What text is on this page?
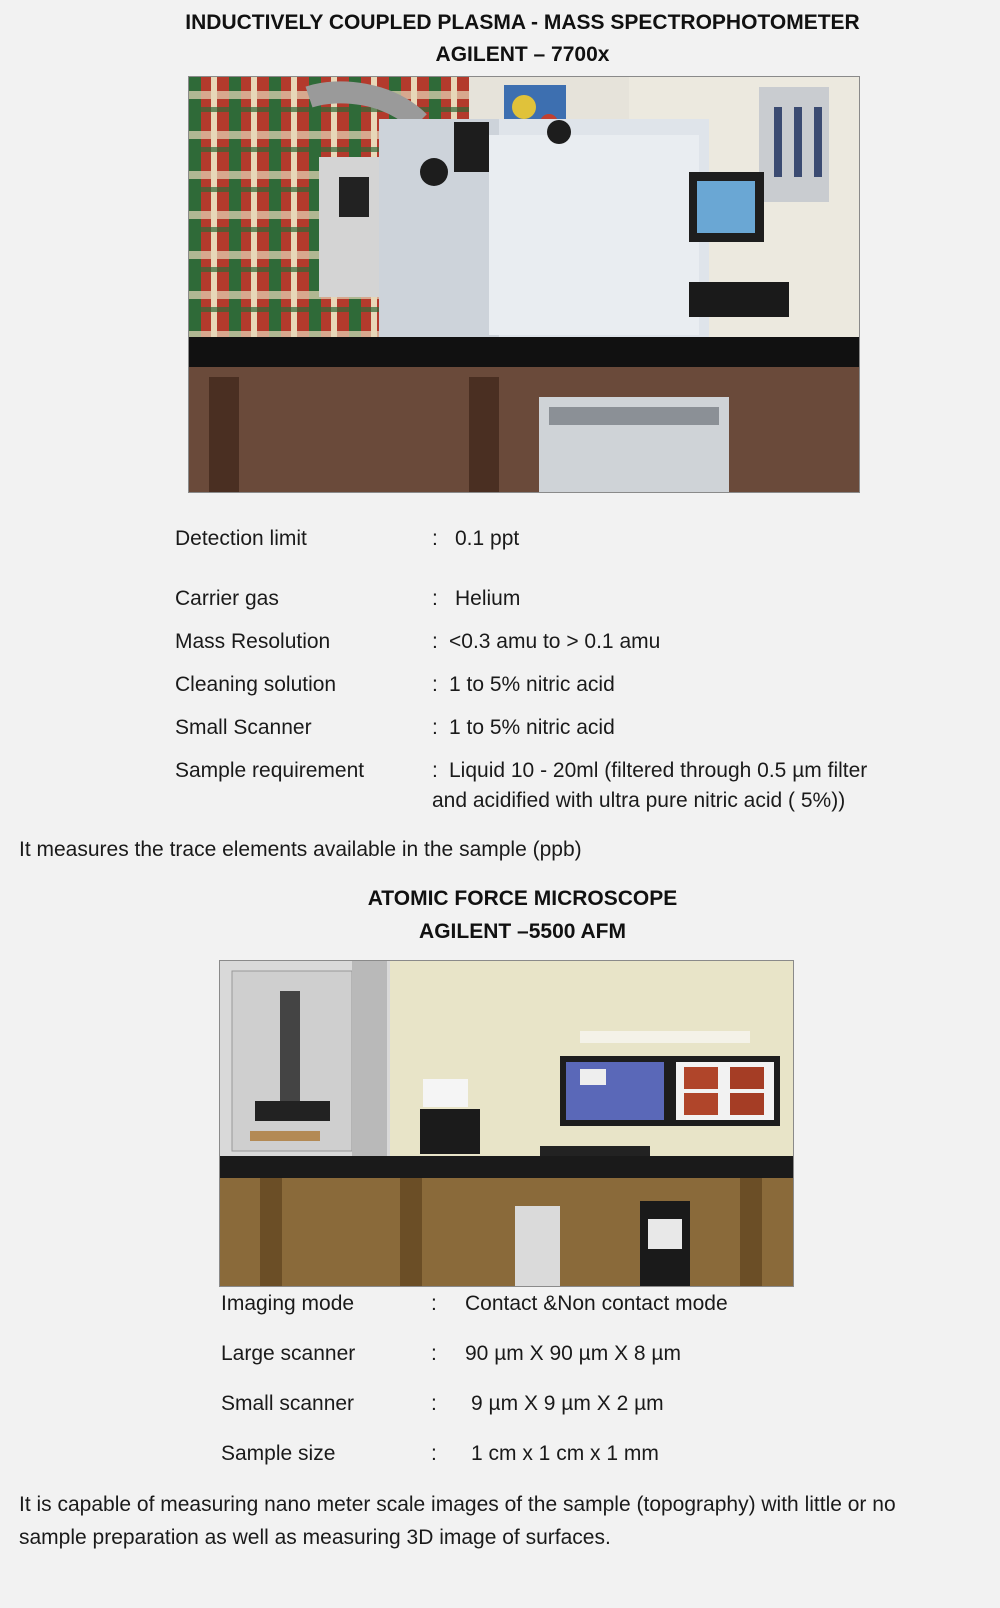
INDUCTIVELY COUPLED PLASMA - MASS SPECTROPHOTOMETER
AGILENT – 7700x
Detection limit	: 0.1 ppt
Carrier gas	: Helium
Mass Resolution	: <0.3 amu to > 0.1 amu
Cleaning solution	: 1 to 5% nitric acid
Small Scanner	: 1 to 5% nitric acid
Sample requirement	: Liquid 10 - 20ml (filtered through 0.5 µm filter
and acidified with ultra pure nitric acid ( 5%))
It measures the trace elements available in the sample (ppb)
ATOMIC FORCE MICROSCOPE
AGILENT –5500 AFM
Imaging mode	: Contact &Non contact mode
Large scanner	: 90 µm X 90 µm X 8 µm
Small scanner	: 9 µm X 9 µm X 2 µm
Sample size	: 1 cm x 1 cm x 1 mm
It is capable of measuring nano meter scale images of the sample (topography) with little or no
sample preparation as well as measuring 3D image of surfaces.
